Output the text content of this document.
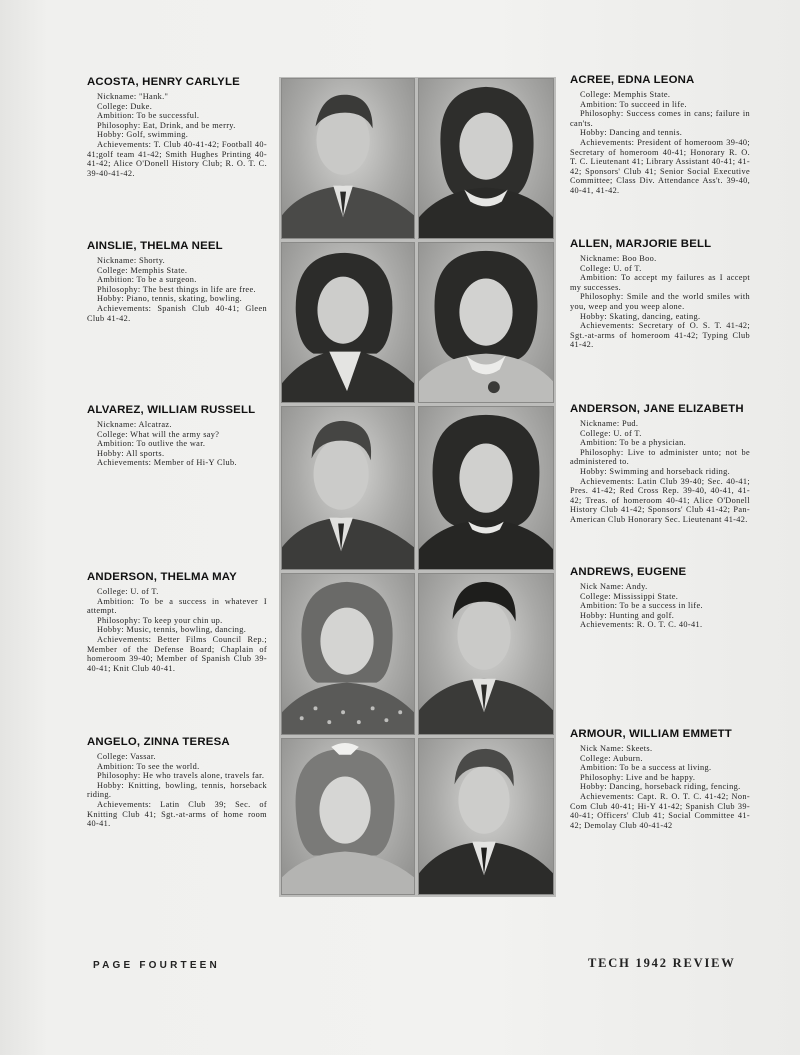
ACOSTA, HENRY CARLYLE

Nickname: "Hank."

College: Duke.

Ambition: To be successful.

Philosophy: Eat, Drink, and be merry.

Hobby: Golf, swimming.

Achievements: T. Club 40-41-42; Football 40-41;golf team 41-42; Smith Hughes Printing 40-41-42; Alice O'Donell History Club; R. O. T. C. 39-40-41-42.

AINSLIE, THELMA NEEL

Nickname: Shorty.

College: Memphis State.

Ambition: To be a surgeon.

Philosophy: The best things in life are free.

Hobby: Piano, tennis, skating, bowling.

Achievements: Spanish Club 40-41; Gleen Club 41-42.

ALVAREZ, WILLIAM RUSSELL

Nickname: Alcatraz.

College: What will the army say?

Ambition: To outlive the war.

Hobby: All sports.

Achievements: Member of Hi-Y Club.

ANDERSON, THELMA MAY

College: U. of T.

Ambition: To be a success in whatever I attempt.

Philosophy: To keep your chin up.

Hobby: Music, tennis, bowling, dancing.

Achievements: Better Films Council Rep.; Member of the Defense Board; Chaplain of homeroom 39-40; Member of Spanish Club 39-40-41; Knit Club 40-41.

ANGELO, ZINNA TERESA

College: Vassar.

Ambition: To see the world.

Philosophy: He who travels alone, travels far.

Hobby: Knitting, bowling, tennis, horseback riding.

Achievements: Latin Club 39; Sec. of Knitting Club 41; Sgt.-at-arms of home room 40-41.

ACREE, EDNA LEONA

College: Memphis State.

Ambition: To succeed in life.

Philosophy: Success comes in cans; failure in can'ts.

Hobby: Dancing and tennis.

Achievements: President of homeroom 39-40; Secretary of homeroom 40-41; Honorary R. O. T. C. Lieutenant 41; Library Assistant 40-41; 41-42; Sponsors' Club 41; Senior Social Executive Committee; Class Div. Attendance Ass't. 39-40, 40-41, 41-42.

ALLEN, MARJORIE BELL

Nickname: Boo Boo.

College: U. of T.

Ambition: To accept my failures as I accept my successes.

Philosophy: Smile and the world smiles with you, weep and you weep alone.

Hobby: Skating, dancing, eating.

Achievements: Secretary of O. S. T. 41-42; Sgt.-at-arms of homeroom 41-42; Typing Club 41-42.

ANDERSON, JANE ELIZABETH

Nickname: Pud.

College: U. of T.

Ambition: To be a physician.

Philosophy: Live to administer unto; not be administered to.

Hobby: Swimming and horseback riding.

Achievements: Latin Club 39-40; Sec. 40-41; Pres. 41-42; Red Cross Rep. 39-40, 40-41, 41-42; Treas. of homeroom 40-41; Alice O'Donell History Club 41-42; Sponsors' Club 41-42; Pan-American Club Honorary Sec. Lieutenant 41-42.

ANDREWS, EUGENE

Nick Name: Andy.

College: Mississippi State.

Ambition: To be a success in life.

Hobby: Hunting and golf.

Achievements: R. O. T. C. 40-41.

ARMOUR, WILLIAM EMMETT

Nick Name: Skeets.

College: Auburn.

Ambition: To be a success at living.

Philosophy: Live and be happy.

Hobby: Dancing, horseback riding, fencing.

Achievements: Capt. R. O. T. C. 41-42; Non-Com Club 40-41; Hi-Y 41-42; Spanish Club 39-40-41; Officers' Club 41; Social Committee 41-42; Demolay Club 40-41-42

PAGE FOURTEEN	TECH 1942 REVIEW
